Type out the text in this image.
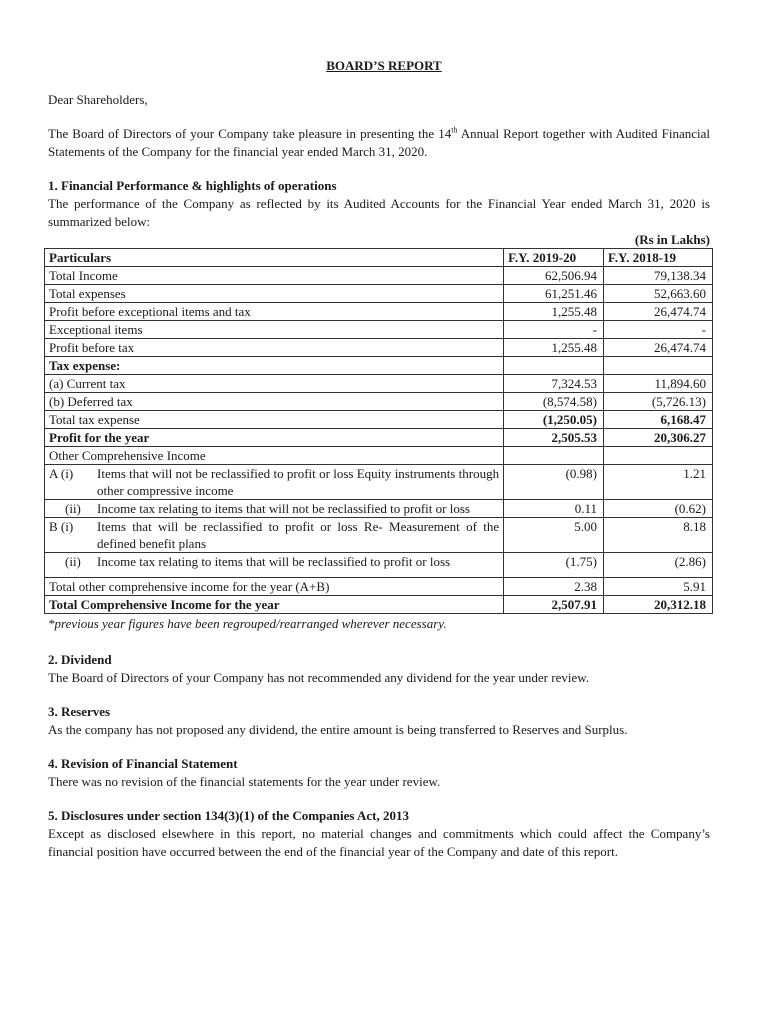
BOARD’S REPORT

Dear Shareholders,

The Board of Directors of your Company take pleasure in presenting the 14th Annual Report together with Audited Financial Statements of the Company for the financial year ended March 31, 2020.

1. Financial Performance & highlights of operations

The performance of the Company as reflected by its Audited Accounts for the Financial Year ended March 31, 2020 is summarized below:

(Rs in Lakhs)
Particulars	F.Y. 2019-20	F.Y. 2018-19
Total Income	62,506.94	79,138.34
Total expenses	61,251.46	52,663.60
Profit before exceptional items and tax	1,255.48	26,474.74
Exceptional items	-	-
Profit before tax	1,255.48	26,474.74
Tax expense:		
(a) Current tax	7,324.53	11,894.60
(b) Deferred tax	(8,574.58)	(5,726.13)
Total tax expense	(1,250.05)	6,168.47
Profit for the year	2,505.53	20,306.27
Other Comprehensive Income		

A (i) Items that will not be reclassified to profit or loss Equity instruments through other compressive income	(0.98)	1.21

(ii) Income tax relating to items that will not be reclassified to profit or loss	0.11	(0.62)

B (i) Items that will be reclassified to profit or loss Re- Measurement of the defined benefit plans	5.00	8.18

(ii) Income tax relating to items that will be reclassified to profit or loss	(1.75)	(2.86)
Total other comprehensive income for the year (A+B)	2.38	5.91
Total Comprehensive Income for the year	2,507.91	20,312.18
*previous year figures have been regrouped/rearranged wherever necessary.
2. Dividend

The Board of Directors of your Company has not recommended any dividend for the year under review.

3. Reserves

As the company has not proposed any dividend, the entire amount is being transferred to Reserves and Surplus.

4. Revision of Financial Statement

There was no revision of the financial statements for the year under review.

5. Disclosures under section 134(3)(1) of the Companies Act, 2013

Except as disclosed elsewhere in this report, no material changes and commitments which could affect the Company’s financial position have occurred between the end of the financial year of the Company and date of this report.
